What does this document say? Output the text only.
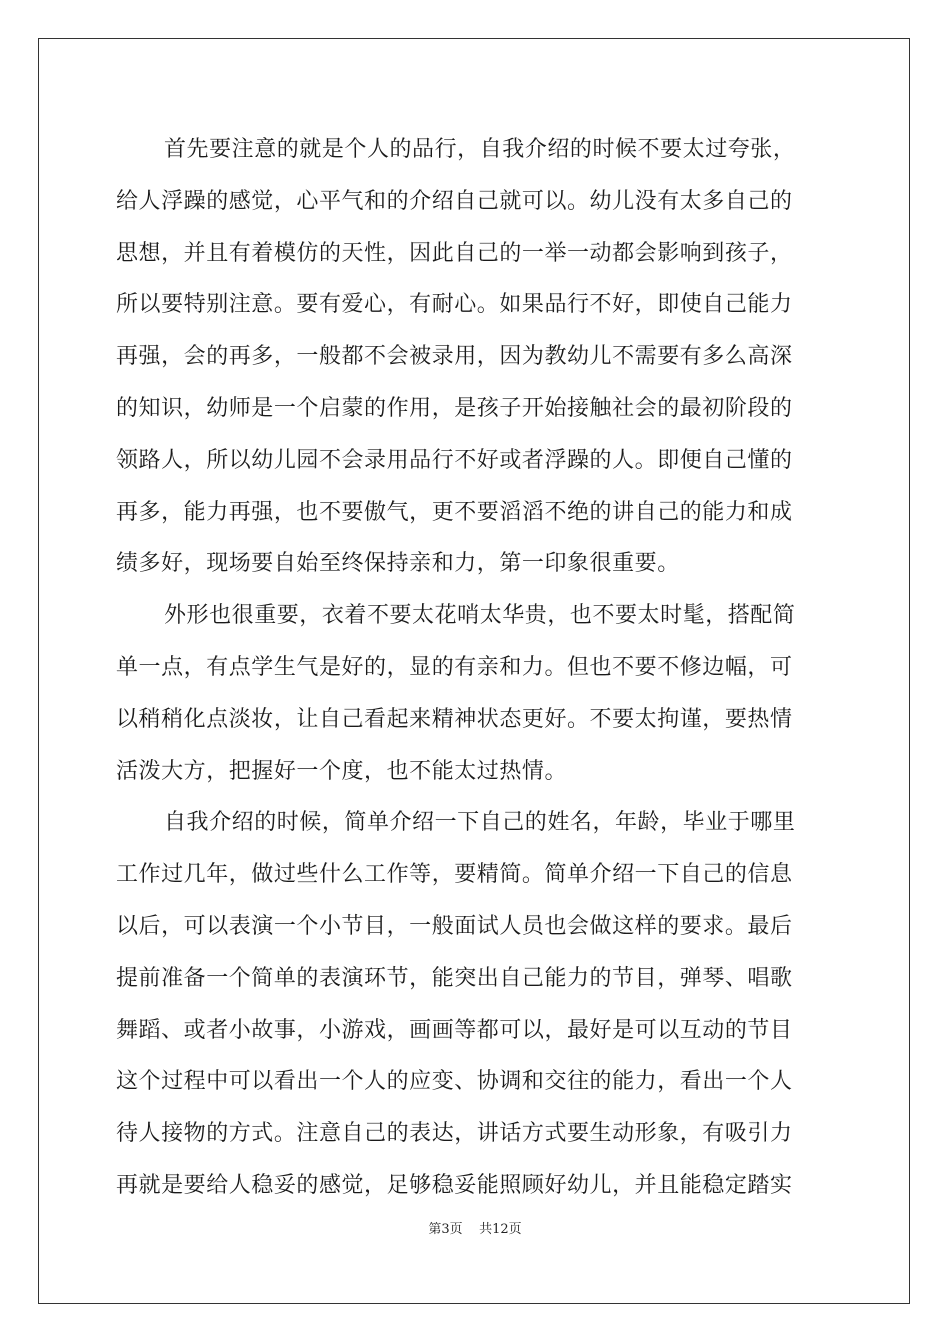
首先要注意的就是个人的品行，自我介绍的时候不要太过夸张，
给人浮躁的感觉，心平气和的介绍自己就可以。幼儿没有太多自己的
思想，并且有着模仿的天性，因此自己的一举一动都会影响到孩子，
所以要特别注意。要有爱心，有耐心。如果品行不好，即使自己能力
再强，会的再多，一般都不会被录用，因为教幼儿不需要有多么高深
的知识，幼师是一个启蒙的作用，是孩子开始接触社会的最初阶段的
领路人，所以幼儿园不会录用品行不好或者浮躁的人。即便自己懂的
再多，能力再强，也不要傲气，更不要滔滔不绝的讲自己的能力和成
绩多好，现场要自始至终保持亲和力，第一印象很重要。
外形也很重要，衣着不要太花哨太华贵，也不要太时髦，搭配简
单一点，有点学生气是好的，显的有亲和力。但也不要不修边幅，可
以稍稍化点淡妆，让自己看起来精神状态更好。不要太拘谨，要热情
活泼大方，把握好一个度，也不能太过热情。
自我介绍的时候，简单介绍一下自己的姓名，年龄，毕业于哪里
工作过几年，做过些什么工作等，要精简。简单介绍一下自己的信息
以后，可以表演一个小节目，一般面试人员也会做这样的要求。最后
提前准备一个简单的表演环节，能突出自己能力的节目，弹琴、唱歌
舞蹈、或者小故事，小游戏，画画等都可以，最好是可以互动的节目
这个过程中可以看出一个人的应变、协调和交往的能力，看出一个人
待人接物的方式。注意自己的表达，讲话方式要生动形象，有吸引力
再就是要给人稳妥的感觉，足够稳妥能照顾好幼儿，并且能稳定踏实
第3页 共12页
